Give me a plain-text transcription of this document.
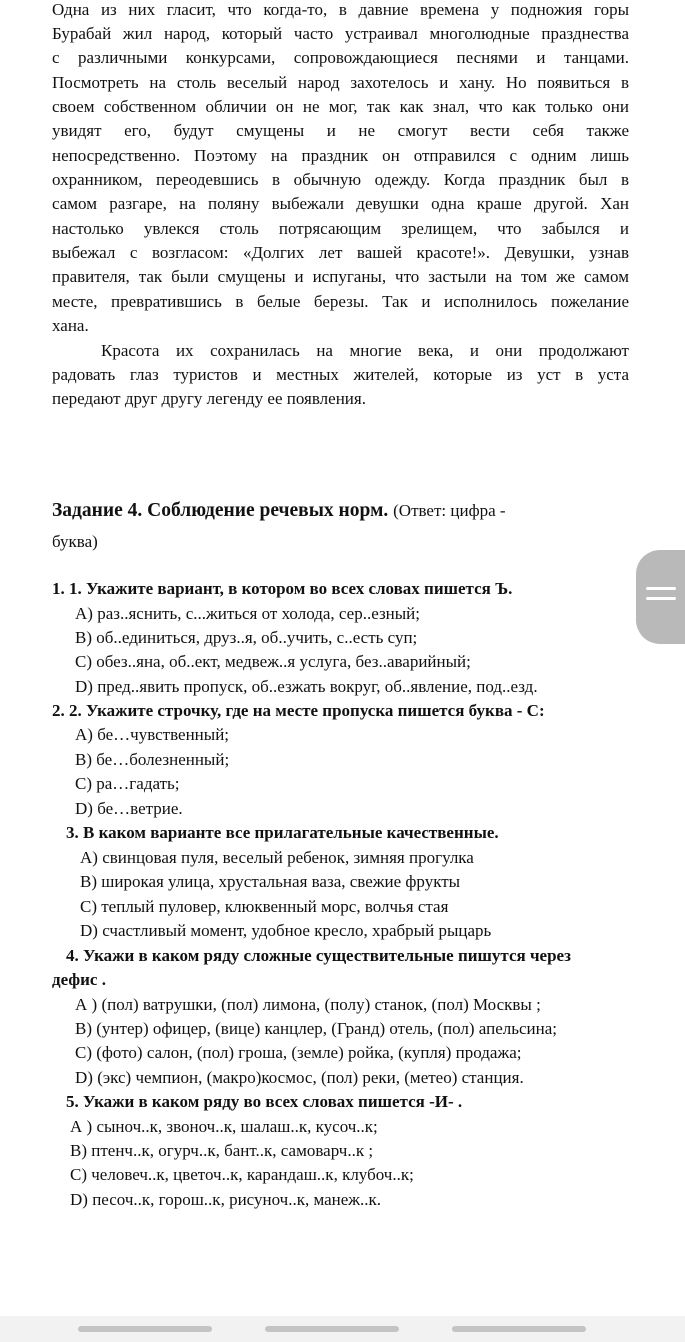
Одна из них гласит, что когда-то, в давние времена у подножия горы
Бурабай жил народ, который часто устраивал многолюдные празднества
с различными конкурсами, сопровождающиеся песнями и танцами.
Посмотреть на столь веселый народ захотелось и хану. Но появиться в
своем собственном обличии он не мог, так как знал, что как только они
увидят его, будут смущены и не смогут вести себя также
непосредственно. Поэтому на праздник он отправился с одним лишь
охранником, переодевшись в обычную одежду. Когда праздник был в
самом разгаре, на поляну выбежали девушки одна краше другой. Хан
настолько увлекся столь потрясающим зрелищем, что забылся и
выбежал с возгласом: «Долгих лет вашей красоте!». Девушки, узнав
правителя, так были смущены и испуганы, что застыли на том же самом
месте, превратившись в белые березы. Так и исполнилось пожелание
хана.
Красота их сохранилась на многие века, и они продолжают
радовать глаз туристов и местных жителей, которые из уст в уста
передают друг другу легенду ее появления.
Задание 4. Соблюдение речевых норм. (Ответ: цифра -
буква)
1. 1. Укажите вариант, в котором во всех словах пишется Ъ.
А) раз..яснить, с...житься от холода, сер..езный;
В) об..единиться, друз..я, об..учить, с..есть суп;
С) обез..яна, об..ект, медвеж..я услуга, без..аварийный;
D) пред..явить пропуск, об..езжать вокруг, об..явление, под..езд.
2. 2. Укажите строчку, где на месте пропуска пишется буква - С:
А) бе…чувственный;
В) бе…болезненный;
С) ра…гадать;
D) бе…ветрие.
3. В каком варианте все прилагательные качественные.
А) свинцовая пуля, веселый ребенок, зимняя прогулка
В) широкая улица, хрустальная ваза, свежие фрукты
С) теплый пуловер, клюквенный морс, волчья стая
D) счастливый момент, удобное кресло, храбрый рыцарь
4. Укажи в каком ряду сложные существительные пишутся через
дефис .
А ) (пол) ватрушки, (пол) лимона, (полу) станок, (пол) Москвы ;
В) (унтер) офицер, (вице) канцлер, (Гранд) отель, (пол) апельсина;
С) (фото) салон, (пол) гроша, (земле) ройка, (купля) продажа;
D) (экс) чемпион, (макро)космос, (пол) реки, (метео) станция.
5. Укажи в каком ряду во всех словах пишется -И- .
А ) сыноч..к, звоноч..к, шалаш..к, кусоч..к;
В) птенч..к, огурч..к, бант..к, самоварч..к ;
С) человеч..к, цветоч..к, карандаш..к, клубоч..к;
D) песоч..к, горош..к, рисуноч..к, манеж..к.
